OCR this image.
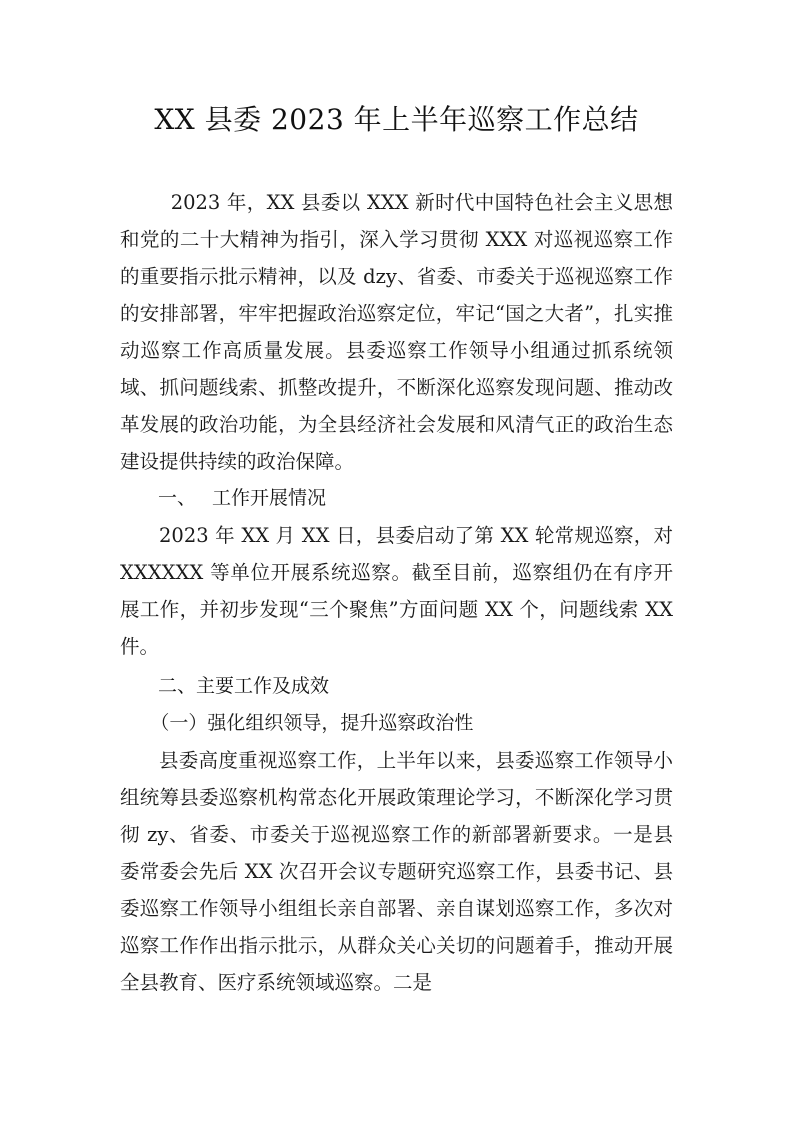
XX 县委 2023 年上半年巡察工作总结

2023 年，XX 县委以 XXX 新时代中国特色社会主义思想和党的二十大精神为指引，深入学习贯彻 XXX 对巡视巡察工作的重要指示批示精神，以及 dzy、省委、市委关于巡视巡察工作的安排部署，牢牢把握政治巡察定位，牢记“国之大者”，扎实推动巡察工作高质量发展。县委巡察工作领导小组通过抓系统领域、抓问题线索、抓整改提升，不断深化巡察发现问题、推动改革发展的政治功能，为全县经济社会发展和风清气正的政治生态建设提供持续的政治保障。

一、 工作开展情况

2023 年 XX 月 XX 日，县委启动了第 XX 轮常规巡察，对 XXXXXX 等单位开展系统巡察。截至目前，巡察组仍在有序开展工作，并初步发现“三个聚焦”方面问题 XX 个，问题线索 XX 件。

二、主要工作及成效

（一）强化组织领导，提升巡察政治性

县委高度重视巡察工作，上半年以来，县委巡察工作领导小组统筹县委巡察机构常态化开展政策理论学习，不断深化学习贯彻 zy、省委、市委关于巡视巡察工作的新部署新要求。一是县委常委会先后 XX 次召开会议专题研究巡察工作，县委书记、县委巡察工作领导小组组长亲自部署、亲自谋划巡察工作，多次对巡察工作作出指示批示，从群众关心关切的问题着手，推动开展全县教育、医疗系统领域巡察。二是
